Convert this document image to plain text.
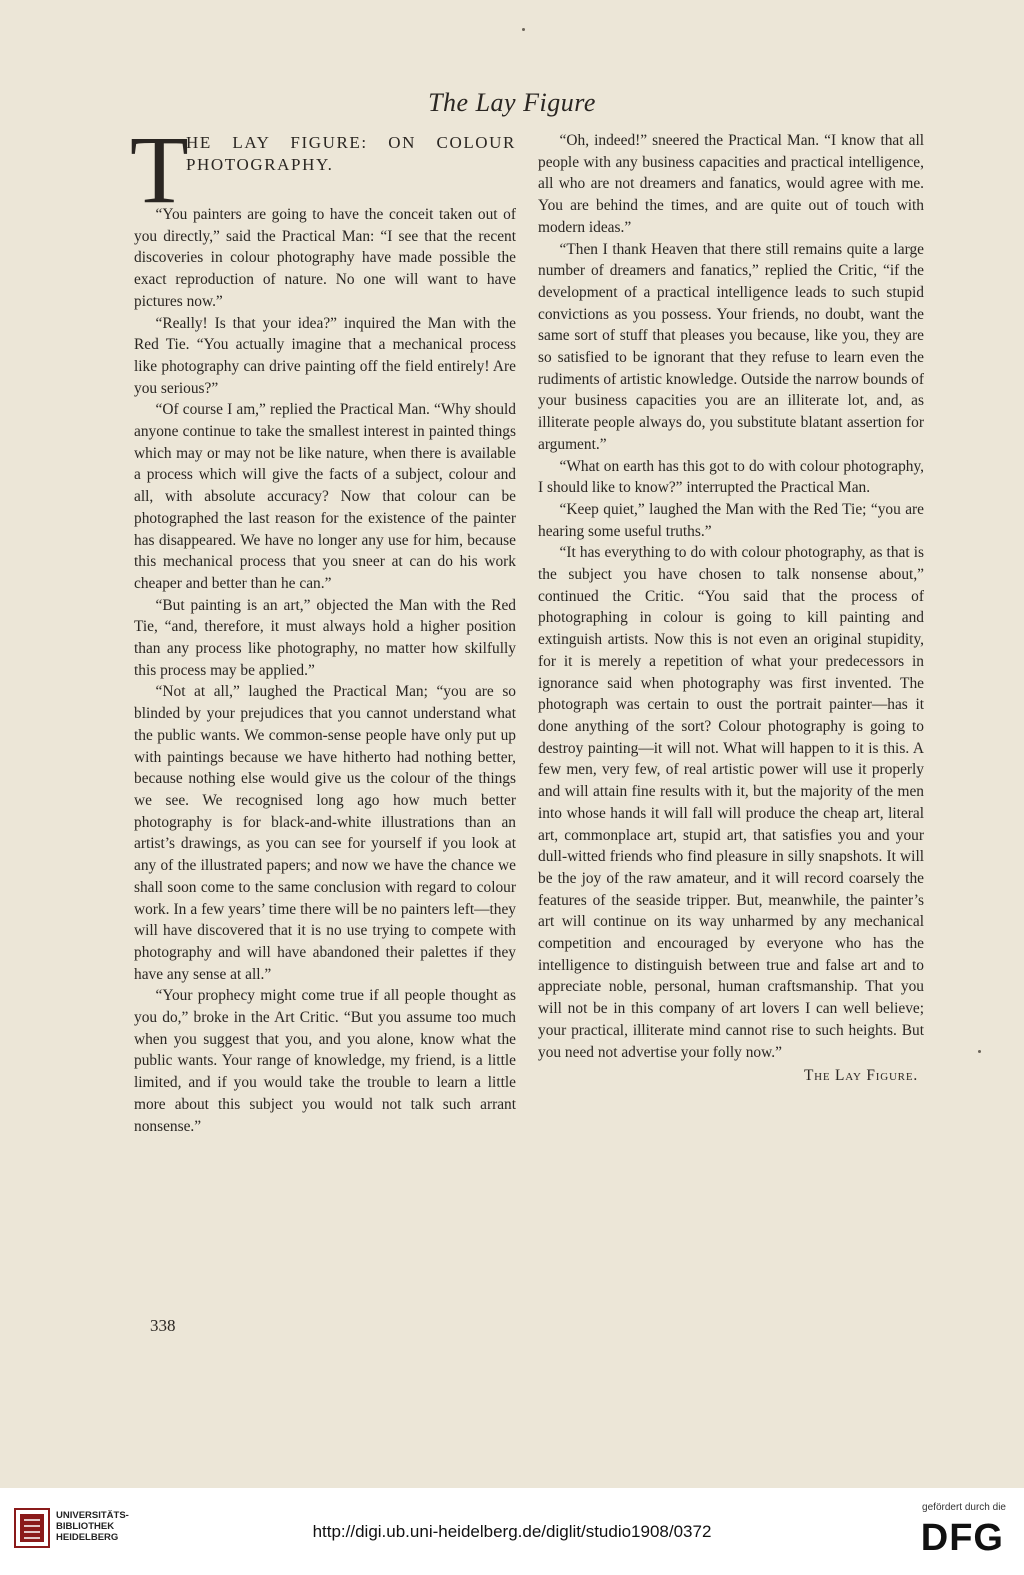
The Lay Figure
T
HE LAY FIGURE: ON COLOUR PHOTOGRAPHY.

“You painters are going to have the conceit taken out of you directly,” said the Practical Man: “I see that the recent discoveries in colour photography have made possible the exact reproduction of nature. No one will want to have pictures now.”

“Really! Is that your idea?” inquired the Man with the Red Tie. “You actually imagine that a mechanical process like photography can drive painting off the field entirely! Are you serious?”

“Of course I am,” replied the Practical Man. “Why should anyone continue to take the smallest interest in painted things which may or may not be like nature, when there is available a process which will give the facts of a subject, colour and all, with absolute accuracy? Now that colour can be photographed the last reason for the existence of the painter has disappeared. We have no longer any use for him, because this mechanical process that you sneer at can do his work cheaper and better than he can.”

“But painting is an art,” objected the Man with the Red Tie, “and, therefore, it must always hold a higher position than any process like photography, no matter how skilfully this process may be applied.”

“Not at all,” laughed the Practical Man; “you are so blinded by your prejudices that you cannot understand what the public wants. We common-sense people have only put up with paintings because we have hitherto had nothing better, because nothing else would give us the colour of the things we see. We recognised long ago how much better photography is for black-and-white illustrations than an artist’s drawings, as you can see for yourself if you look at any of the illustrated papers; and now we have the chance we shall soon come to the same conclusion with regard to colour work. In a few years’ time there will be no painters left—they will have discovered that it is no use trying to compete with photography and will have abandoned their palettes if they have any sense at all.”

“Your prophecy might come true if all people thought as you do,” broke in the Art Critic. “But you assume too much when you suggest that you, and you alone, know what the public wants. Your range of knowledge, my friend, is a little limited, and if you would take the trouble to learn a little more about this subject you would not talk such arrant nonsense.”

“Oh, indeed!” sneered the Practical Man. “I know that all people with any business capacities and practical intelligence, all who are not dreamers and fanatics, would agree with me. You are behind the times, and are quite out of touch with modern ideas.”

“Then I thank Heaven that there still remains quite a large number of dreamers and fanatics,” replied the Critic, “if the development of a practical intelligence leads to such stupid convictions as you possess. Your friends, no doubt, want the same sort of stuff that pleases you because, like you, they are so satisfied to be ignorant that they refuse to learn even the rudiments of artistic knowledge. Outside the narrow bounds of your business capacities you are an illiterate lot, and, as illiterate people always do, you substitute blatant assertion for argument.”

“What on earth has this got to do with colour photography, I should like to know?” interrupted the Practical Man.

“Keep quiet,” laughed the Man with the Red Tie; “you are hearing some useful truths.”

“It has everything to do with colour photography, as that is the subject you have chosen to talk nonsense about,” continued the Critic. “You said that the process of photographing in colour is going to kill painting and extinguish artists. Now this is not even an original stupidity, for it is merely a repetition of what your predecessors in ignorance said when photography was first invented. The photograph was certain to oust the portrait painter—has it done anything of the sort? Colour photography is going to destroy painting—it will not. What will happen to it is this. A few men, very few, of real artistic power will use it properly and will attain fine results with it, but the majority of the men into whose hands it will fall will produce the cheap art, literal art, commonplace art, stupid art, that satisfies you and your dull-witted friends who find pleasure in silly snapshots. It will be the joy of the raw amateur, and it will record coarsely the features of the seaside tripper. But, meanwhile, the painter’s art will continue on its way unharmed by any mechanical competition and encouraged by everyone who has the intelligence to distinguish between true and false art and to appreciate noble, personal, human craftsmanship. That you will not be in this company of art lovers I can well believe; your practical, illiterate mind cannot rise to such heights. But you need not advertise your folly now.”

The Lay Figure.
338
UNIVERSITÄTS-
BIBLIOTHEK
HEIDELBERG	http://digi.ub.uni-heidelberg.de/diglit/studio1908/0372
gefördert durch die
DFG
